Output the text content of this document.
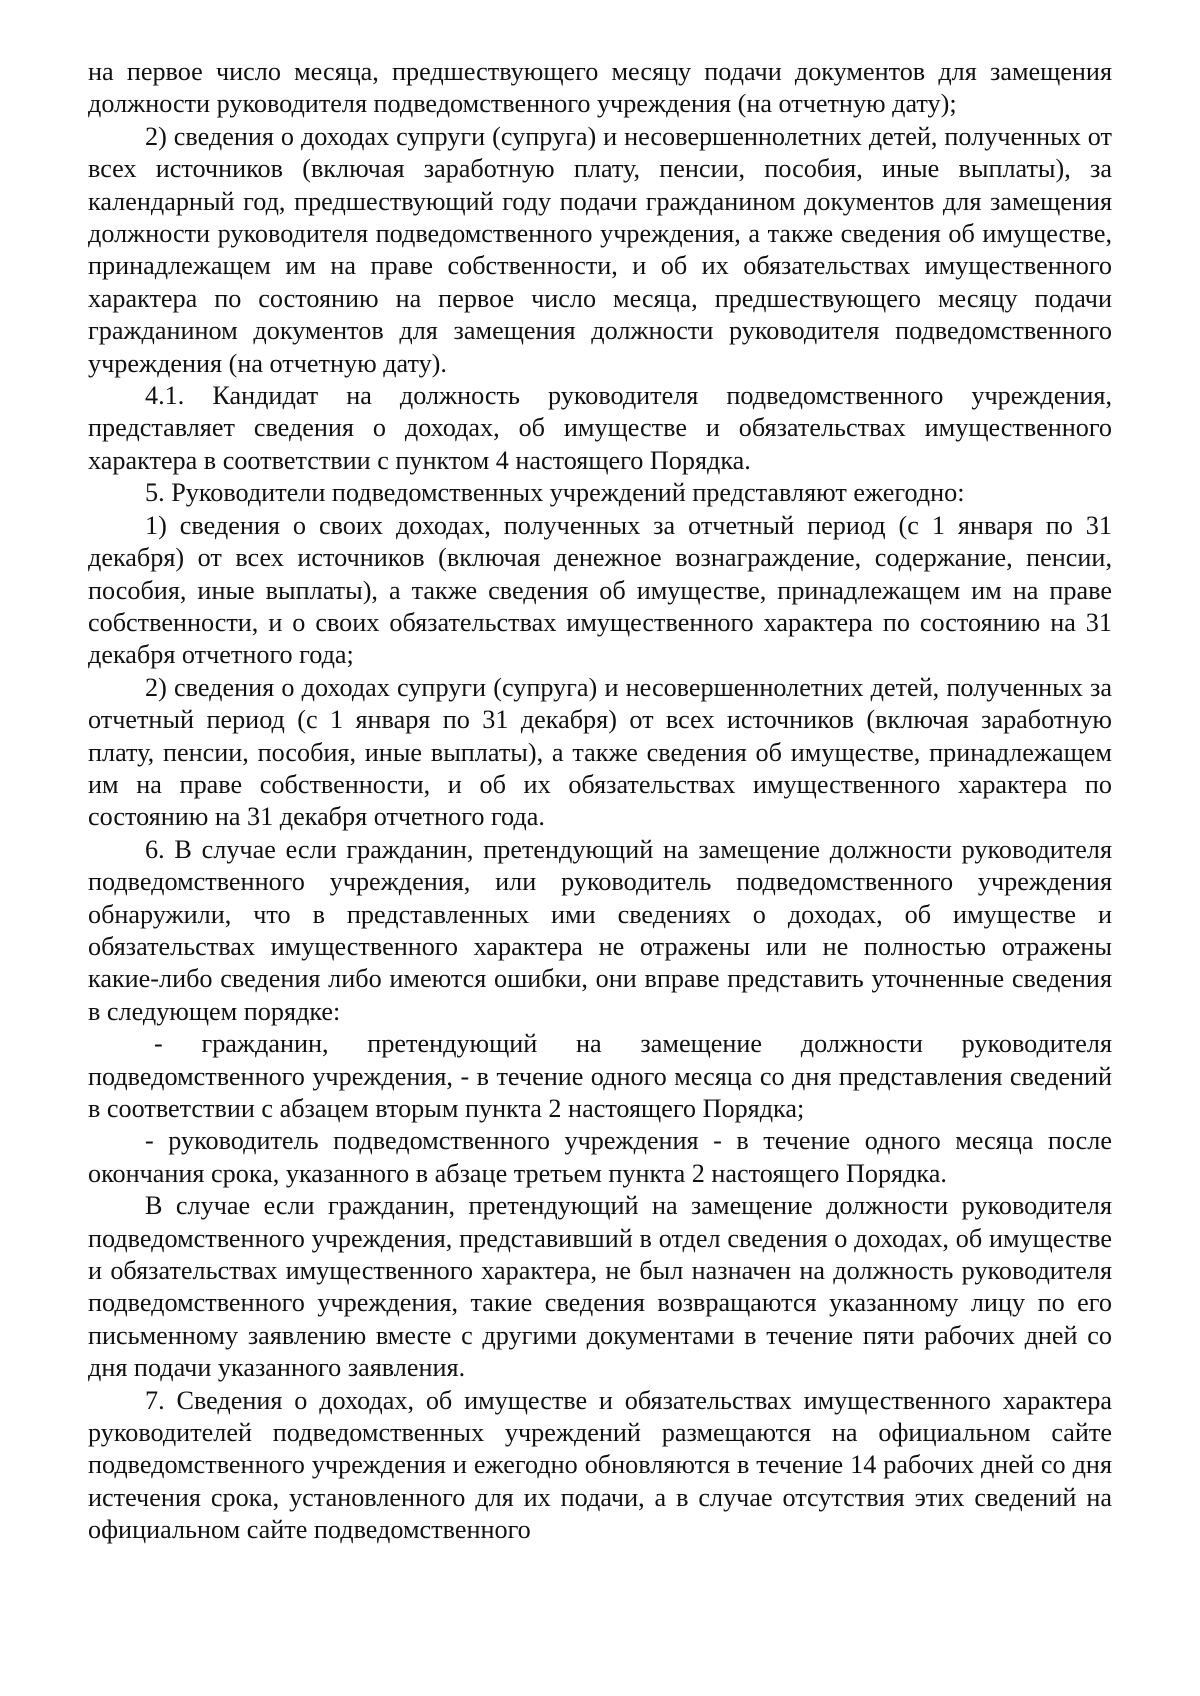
на первое число месяца, предшествующего месяцу подачи документов для замещения должности руководителя подведомственного учреждения (на отчетную дату);

2) сведения о доходах супруги (супруга) и несовершеннолетних детей, полученных от всех источников (включая заработную плату, пенсии, пособия, иные выплаты), за календарный год, предшествующий году подачи гражданином документов для замещения должности руководителя подведомственного учреждения, а также сведения об имуществе, принадлежащем им на праве собственности, и об их обязательствах имущественного характера по состоянию на первое число месяца, предшествующего месяцу подачи гражданином документов для замещения должности руководителя подведомственного учреждения (на отчетную дату).

4.1. Кандидат на должность руководителя подведомственного учреждения, представляет сведения о доходах, об имуществе и обязательствах имущественного характера в соответствии с пунктом 4 настоящего Порядка.

5. Руководители подведомственных учреждений представляют ежегодно:

1) сведения о своих доходах, полученных за отчетный период (с 1 января по 31 декабря) от всех источников (включая денежное вознаграждение, содержание, пенсии, пособия, иные выплаты), а также сведения об имуществе, принадлежащем им на праве собственности, и о своих обязательствах имущественного характера по состоянию на 31 декабря отчетного года;

2) сведения о доходах супруги (супруга) и несовершеннолетних детей, полученных за отчетный период (с 1 января по 31 декабря) от всех источников (включая заработную плату, пенсии, пособия, иные выплаты), а также сведения об имуществе, принадлежащем им на праве собственности, и об их обязательствах имущественного характера по состоянию на 31 декабря отчетного года.

6. В случае если гражданин, претендующий на замещение должности руководителя подведомственного учреждения, или руководитель подведомственного учреждения обнаружили, что в представленных ими сведениях о доходах, об имуществе и обязательствах имущественного характера не отражены или не полностью отражены какие-либо сведения либо имеются ошибки, они вправе представить уточненные сведения в следующем порядке:

- гражданин, претендующий на замещение должности руководителя подведомственного учреждения, - в течение одного месяца со дня представления сведений в соответствии с абзацем вторым пункта 2 настоящего Порядка;

- руководитель подведомственного учреждения - в течение одного месяца после окончания срока, указанного в абзаце третьем пункта 2 настоящего Порядка.

В случае если гражданин, претендующий на замещение должности руководителя подведомственного учреждения, представивший в отдел сведения о доходах, об имуществе и обязательствах имущественного характера, не был назначен на должность руководителя подведомственного учреждения, такие сведения возвращаются указанному лицу по его письменному заявлению вместе с другими документами в течение пяти рабочих дней со дня подачи указанного заявления.

7. Сведения о доходах, об имуществе и обязательствах имущественного характера руководителей подведомственных учреждений размещаются на официальном сайте подведомственного учреждения и ежегодно обновляются в течение 14 рабочих дней со дня истечения срока, установленного для их подачи, а в случае отсутствия этих сведений на официальном сайте подведомственного
